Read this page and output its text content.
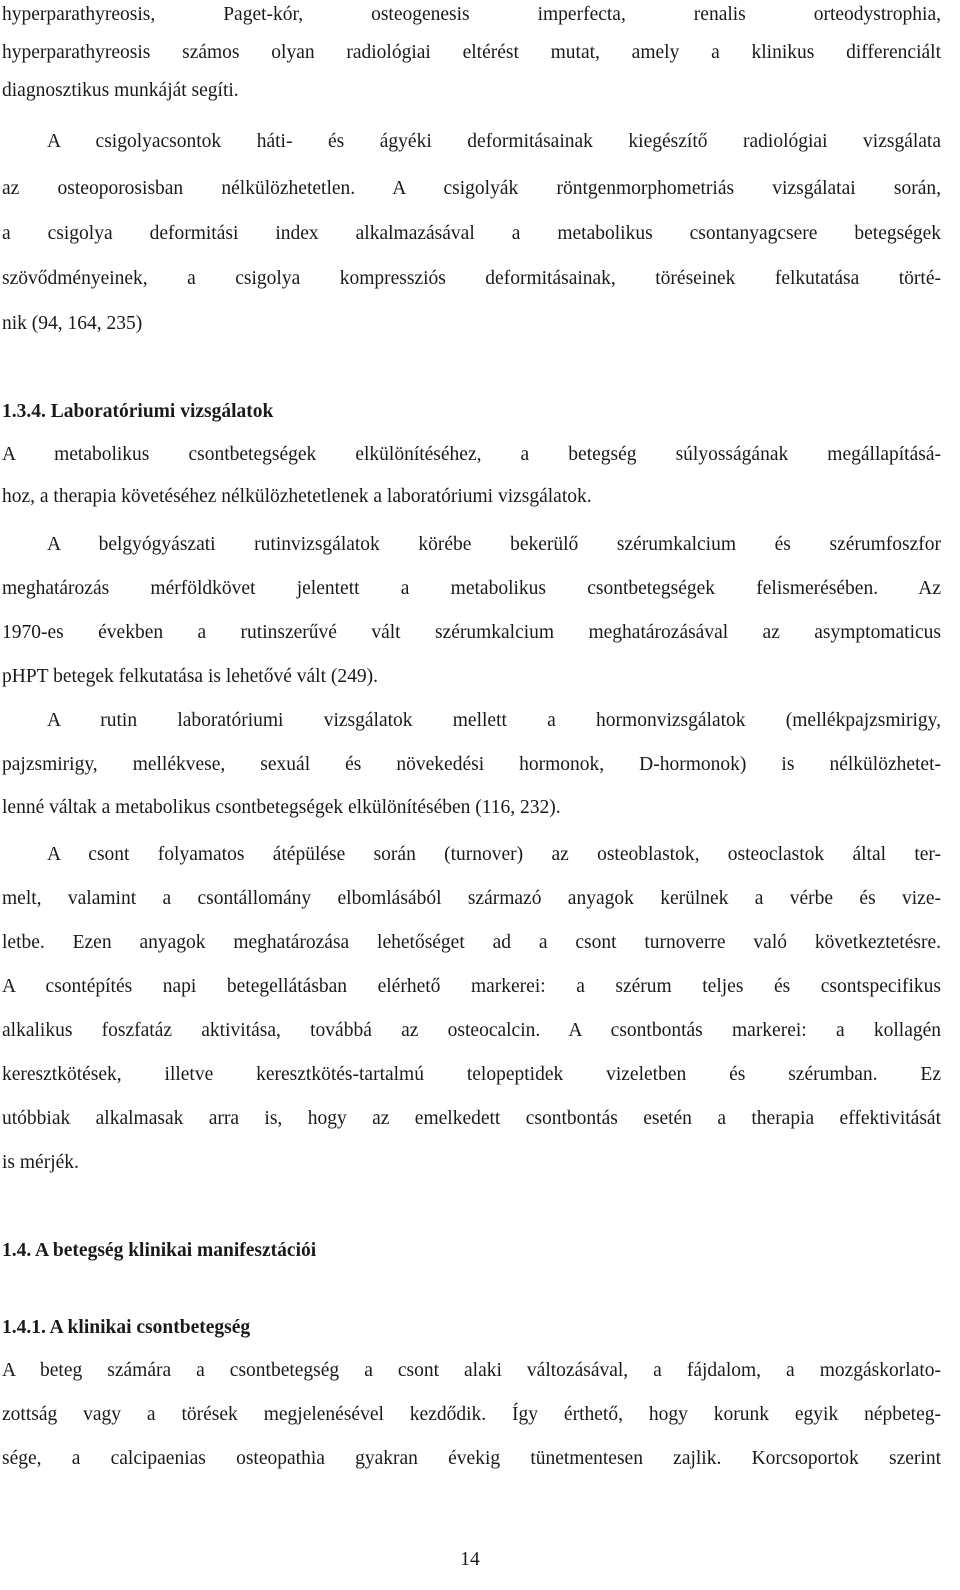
hyperparathyreosis, Paget-kór, osteogenesis imperfecta, renalis orteodystrophia,
hyperparathyreosis számos olyan radiológiai eltérést mutat, amely a klinikus differenciált
diagnosztikus munkáját segíti.
A csigolyacsontok háti- és ágyéki deformitásainak kiegészítő radiológiai vizsgálata
az osteoporosisban nélkülözhetetlen. A csigolyák röntgenmorphometriás vizsgálatai során,
a csigolya deformitási index alkalmazásával a metabolikus csontanyagcsere betegségek
szövődményeinek, a csigolya kompressziós deformitásainak, töréseinek felkutatása törté-
nik (94, 164, 235)
1.3.4. Laboratóriumi vizsgálatok
A metabolikus csontbetegségek elkülönítéséhez, a betegség súlyosságának megállapításá-
hoz, a therapia követéséhez nélkülözhetetlenek a laboratóriumi vizsgálatok.
A belgyógyászati rutinvizsgálatok körébe bekerülő szérumkalcium és szérumfoszfor
meghatározás mérföldkövet jelentett a metabolikus csontbetegségek felismerésében. Az
1970-es években a rutinszerűvé vált szérumkalcium meghatározásával az asymptomaticus
pHPT betegek felkutatása is lehetővé vált (249).
A rutin laboratóriumi vizsgálatok mellett a hormonvizsgálatok (mellékpajzsmirigy,
pajzsmirigy, mellékvese, sexuál és növekedési hormonok, D-hormonok) is nélkülözhetet-
lenné váltak a metabolikus csontbetegségek elkülönítésében (116, 232).
A csont folyamatos átépülése során (turnover) az osteoblastok, osteoclastok által ter-
melt, valamint a csontállomány elbomlásából származó anyagok kerülnek a vérbe és vize-
letbe. Ezen anyagok meghatározása lehetőséget ad a csont turnoverre való következtetésre.
A csontépítés napi betegellátásban elérhető markerei: a szérum teljes és csontspecifikus
alkalikus foszfatáz aktivitása, továbbá az osteocalcin. A csontbontás markerei: a kollagén
keresztkötések, illetve keresztkötés-tartalmú telopeptidek vizeletben és szérumban. Ez
utóbbiak alkalmasak arra is, hogy az emelkedett csontbontás esetén a therapia effektivitását
is mérjék.
1.4. A betegség klinikai manifesztációi
1.4.1. A klinikai csontbetegség
A beteg számára a csontbetegség a csont alaki változásával, a fájdalom, a mozgáskorlato-
zottság vagy a törések megjelenésével kezdődik. Így érthető, hogy korunk egyik népbeteg-
sége, a calcipaenias osteopathia gyakran évekig tünetmentesen zajlik. Korcsoportok szerint
14
